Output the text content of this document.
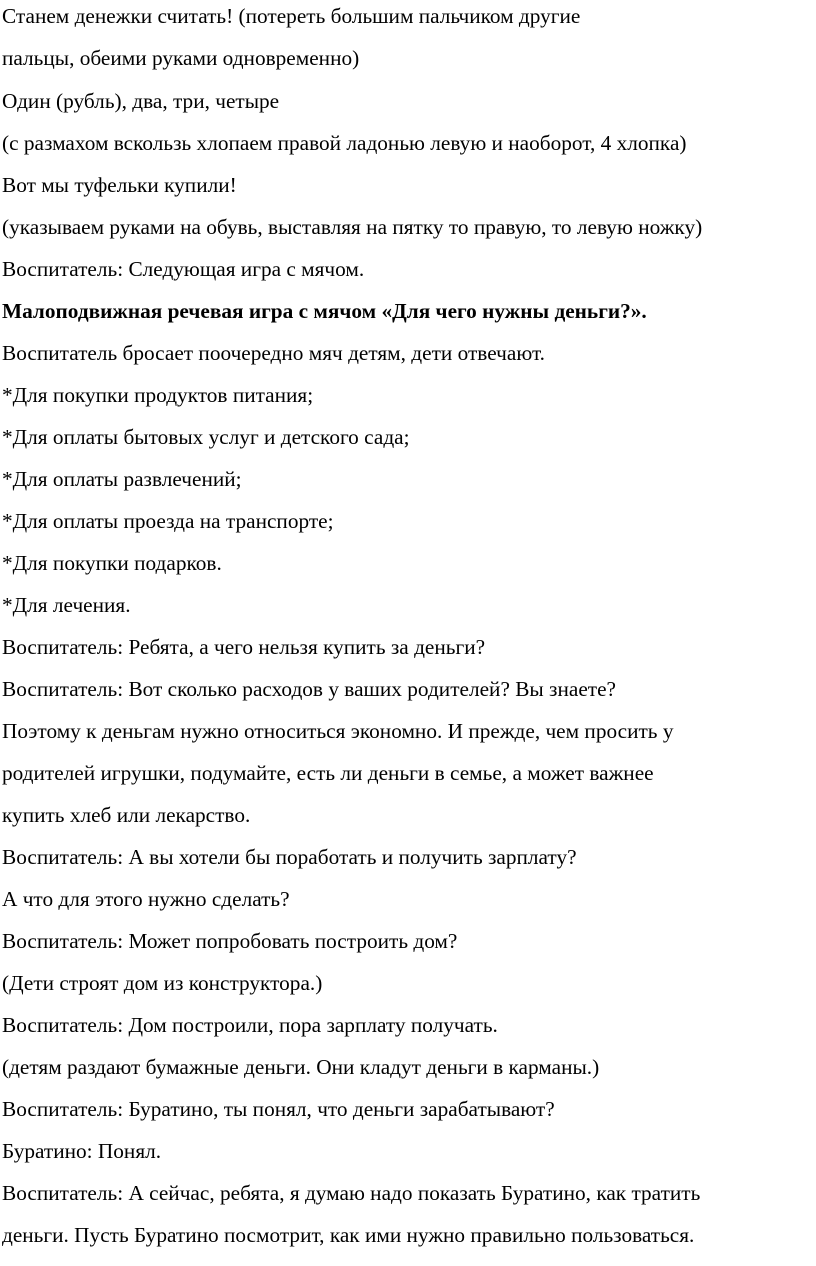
Станем денежки считать! (потереть большим пальчиком другие
пальцы, обеими руками одновременно)
Один (рубль), два, три, четыре
(с размахом вскользь хлопаем правой ладонью левую и наоборот, 4 хлопка)
Вот мы туфельки купили!
(указываем руками на обувь, выставляя на пятку то правую, то левую ножку)
Воспитатель: Следующая игра с мячом.
Малоподвижная речевая игра с мячом «Для чего нужны деньги?».
Воспитатель бросает поочередно мяч детям, дети отвечают.
*Для покупки продуктов питания;
*Для оплаты бытовых услуг и детского сада;
*Для оплаты развлечений;
*Для оплаты проезда на транспорте;
*Для покупки подарков.
*Для лечения.
Воспитатель: Ребята, а чего нельзя купить за деньги?
Воспитатель: Вот сколько расходов у ваших родителей? Вы знаете?
Поэтому к деньгам нужно относиться экономно. И прежде, чем просить у
родителей игрушки, подумайте, есть ли деньги в семье, а может важнее
купить хлеб или лекарство.
Воспитатель: А вы хотели бы поработать и получить зарплату?
А что для этого нужно сделать?
Воспитатель: Может попробовать построить дом?
(Дети строят дом из конструктора.)
Воспитатель: Дом построили, пора зарплату получать.
(детям раздают бумажные деньги. Они кладут деньги в карманы.)
Воспитатель: Буратино, ты понял, что деньги зарабатывают?
Буратино: Понял.
Воспитатель: А сейчас, ребята, я думаю надо показать Буратино, как тратить
деньги. Пусть Буратино посмотрит, как ими нужно правильно пользоваться.
